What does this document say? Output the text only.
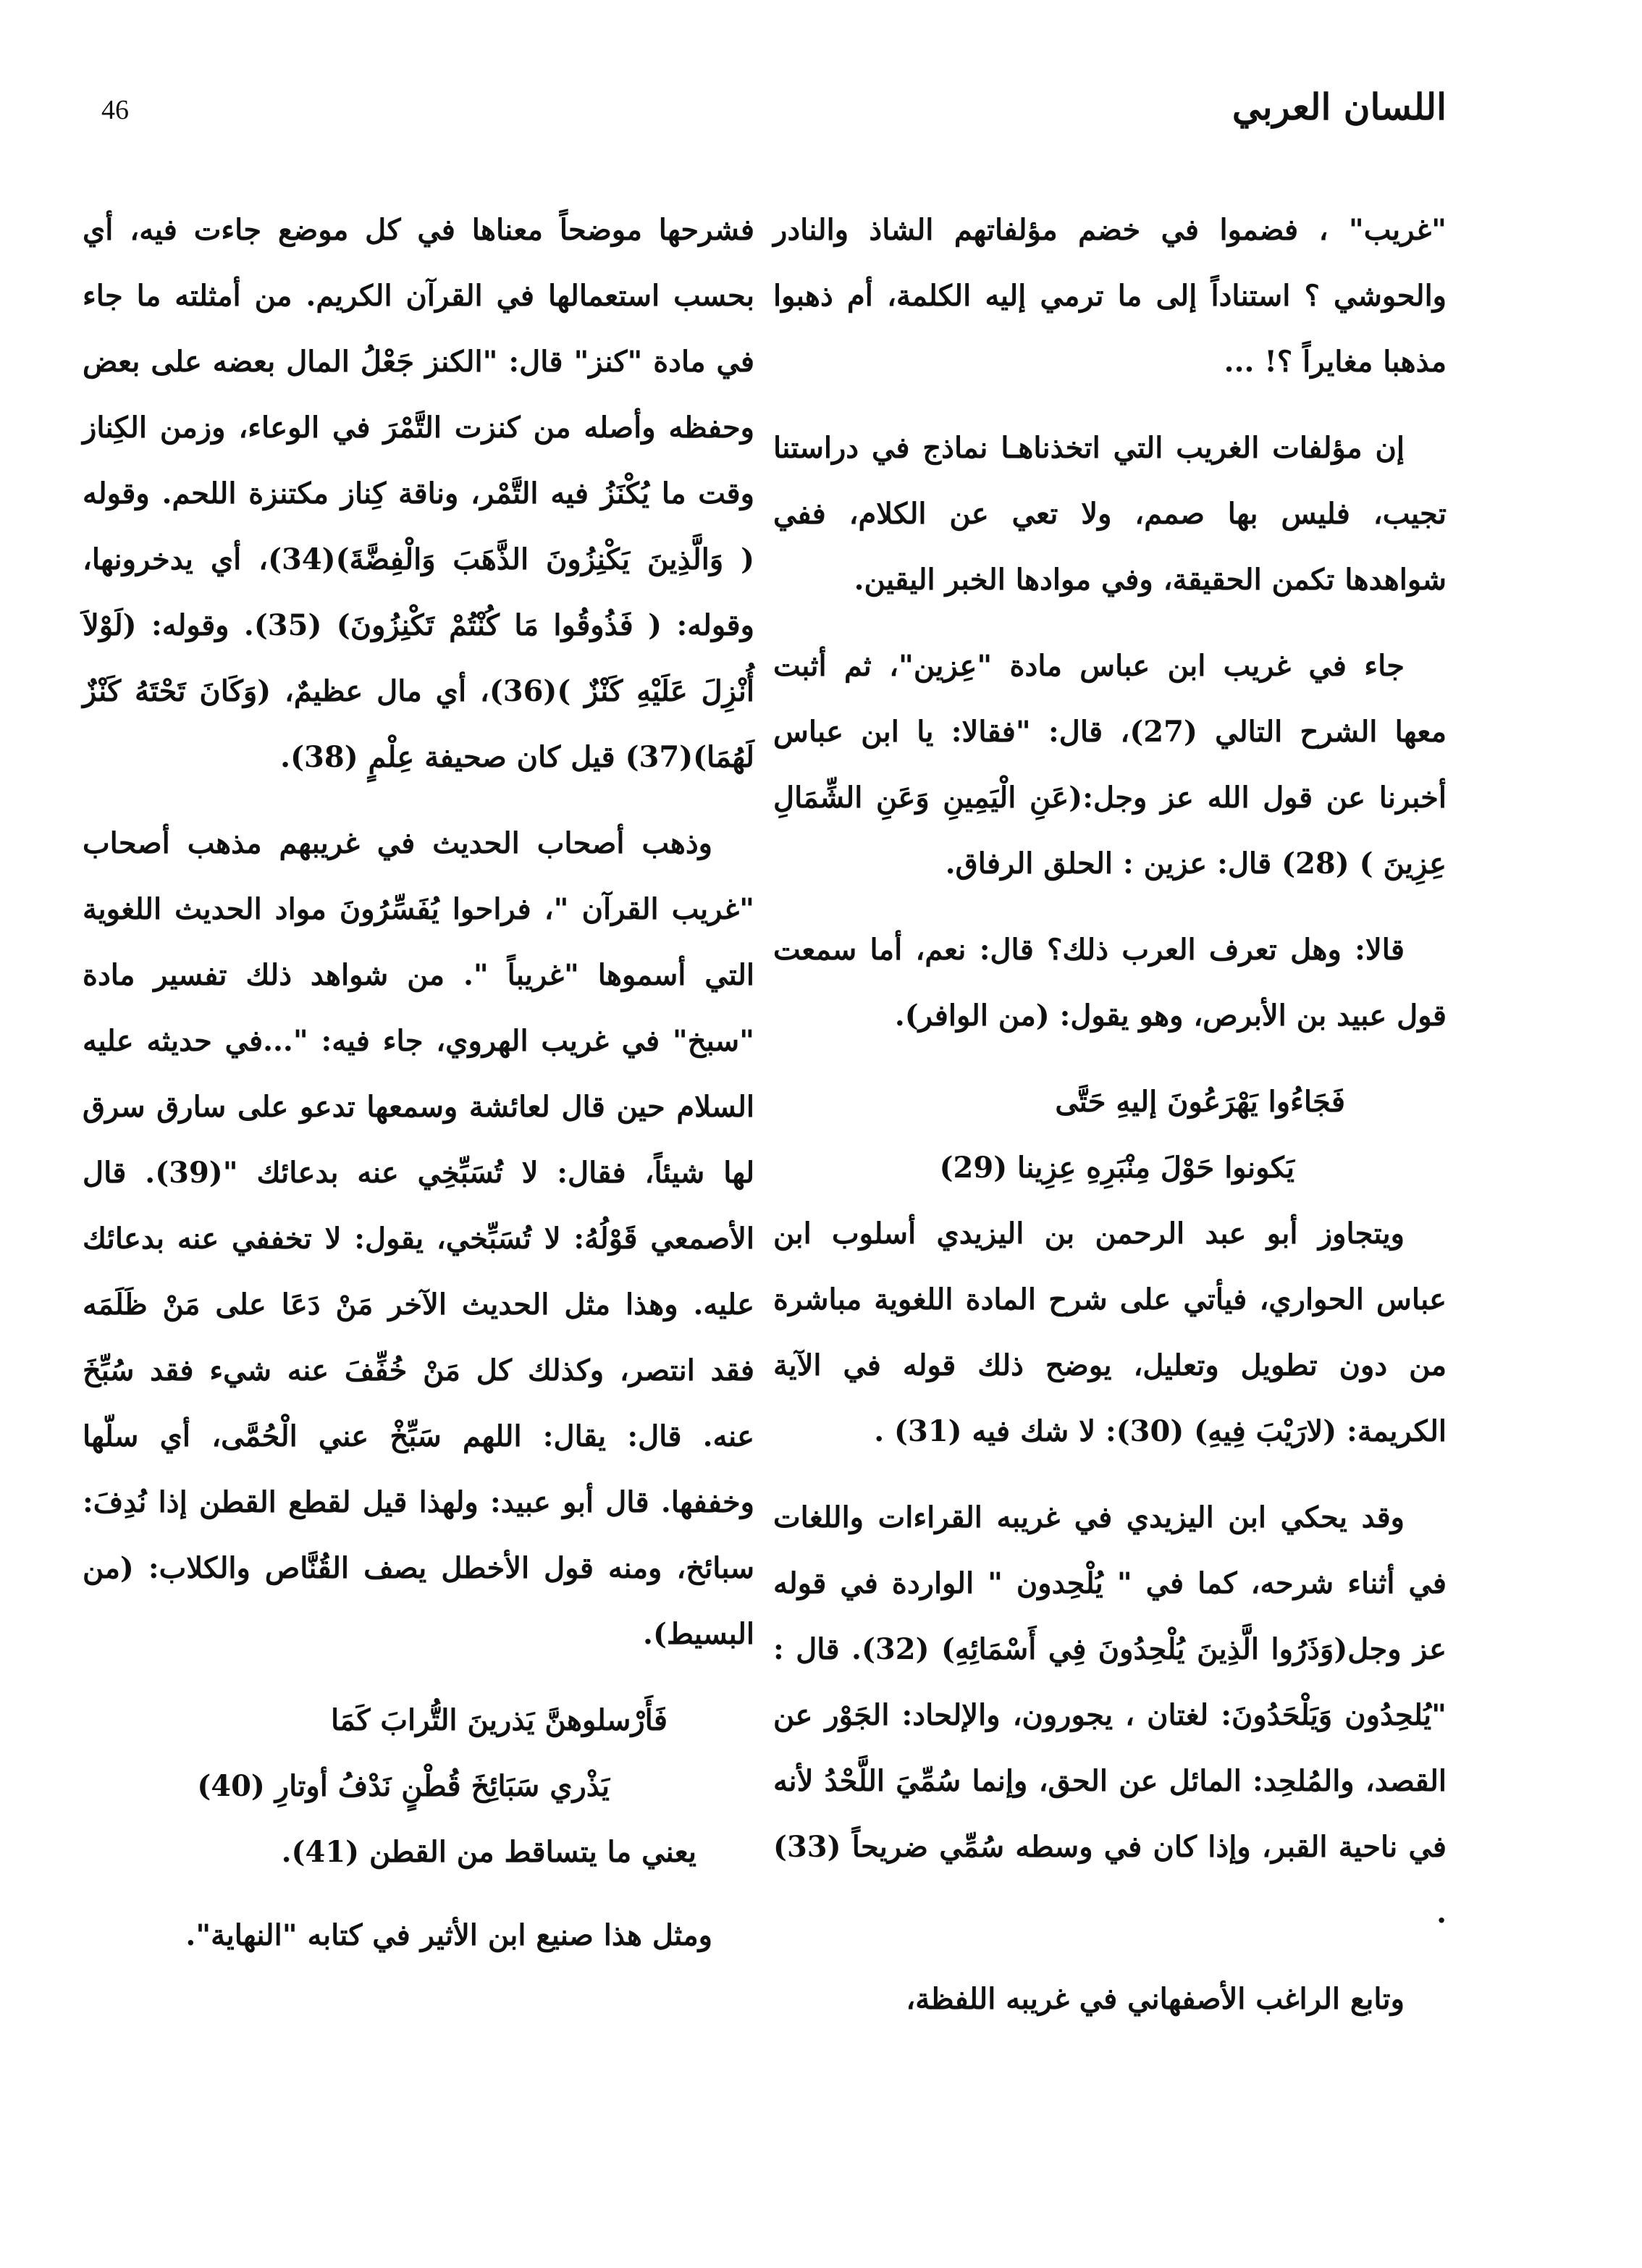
46	اللسان العربي

"غريب" ، فضموا في خضم مؤلفاتهم الشاذ والنادر والحوشي ؟ استناداً إلى ما ترمي إليه الكلمة، أم ذهبوا مذهبا مغايراً ؟! ...

إن مؤلفات الغريب التي اتخذناهـا نماذج في دراستنا تجيب، فليس بها صمم، ولا تعي عن الكلام، ففي شواهدها تكمن الحقيقة، وفي موادها الخبر اليقين.

جاء في غريب ابن عباس مادة "عِزين"، ثم أثبت معها الشرح التالي (27)، قال: "فقالا: يا ابن عباس أخبرنا عن قول الله عز وجل:(عَنِ الْيَمِينِ وَعَنِ الشِّمَالِ عِزِينَ ) (28) قال: عزين : الحلق الرفاق.

قالا: وهل تعرف العرب ذلك؟ قال: نعم، أما سمعت قول عبيد بن الأبرص، وهو يقول: (من الوافر).

فَجَاءُوا يَهْرَعُونَ إليهِ حَتَّى

يَكونوا حَوْلَ مِنْبَرِهِ عِزِينا (29)

ويتجاوز أبو عبد الرحمن بن اليزيدي أسلوب ابن عباس الحواري، فيأتي على شرح المادة اللغوية مباشرة من دون تطويل وتعليل، يوضح ذلك قوله في الآية الكريمة: (لارَيْبَ فِيهِ) (30): لا شك فيه (31) .

وقد يحكي ابن اليزيدي في غريبه القراءات واللغات في أثناء شرحه، كما في " يُلْحِدون " الواردة في قوله عز وجل(وَذَرُوا الَّذِينَ يُلْحِدُونَ فِي أَسْمَائِهِ) (32). قال : "يُلحِدُون وَيَلْحَدُونَ: لغتان ، يجورون، والإلحاد: الجَوْر عن القصد، والمُلحِد: المائل عن الحق، وإنما سُمِّيَ اللَّحْدُ لأنه في ناحية القبر، وإذا كان في وسطه سُمِّي ضريحاً (33) .

وتابع الراغب الأصفهاني في غريبه اللفظة،

فشرحها موضحاً معناها في كل موضع جاءت فيه، أي بحسب استعمالها في القرآن الكريم. من أمثلته ما جاء في مادة "كنز" قال: "الكنز جَعْلُ المال بعضه على بعض وحفظه وأصله من كنزت التَّمْرَ في الوعاء، وزمن الكِناز وقت ما يُكْنَزُ فيه التَّمْر، وناقة كِناز مكتنزة اللحم. وقوله ( وَالَّذِينَ يَكْنِزُونَ الذَّهَبَ وَالْفِضَّةَ)(34)، أي يدخرونها، وقوله: ( فَذُوقُوا مَا كُنْتُمْ تَكْنِزُونَ) (35). وقوله: (لَوْلاَ أُنْزِلَ عَلَيْهِ كَنْزٌ )(36)، أي مال عظيمٌ، (وَكَانَ تَحْتَهُ كَنْزٌ لَهُمَا)(37) قيل كان صحيفة عِلْمٍ (38).

وذهب أصحاب الحديث في غريبهم مذهب أصحاب "غريب القرآن "، فراحوا يُفَسِّرُونَ مواد الحديث اللغوية التي أسموها "غريباً ". من شواهد ذلك تفسير مادة "سبخ" في غريب الهروي، جاء فيه: "...في حديثه عليه السلام حين قال لعائشة وسمعها تدعو على سارق سرق لها شيئاً، فقال: لا تُسَبِّخِي عنه بدعائك "(39). قال الأصمعي قَوْلُهُ: لا تُسَبِّخي، يقول: لا تخففي عنه بدعائك عليه. وهذا مثل الحديث الآخر مَنْ دَعَا على مَنْ ظَلَمَه فقد انتصر، وكذلك كل مَنْ خُفِّفَ عنه شيء فقد سُبِّخَ عنه. قال: يقال: اللهم سَبِّخْ عني الْحُمَّى، أي سلّها وخففها. قال أبو عبيد: ولهذا قيل لقطع القطن إذا نُدِفَ: سبائخ، ومنه قول الأخطل يصف القُنَّاص والكلاب: (من البسيط).

فَأَرْسلوهنَّ يَذرينَ التُّرابَ كَمَا

يَذْري سَبَائِخَ قُطْنٍ نَدْفُ أوتارِ (40)

يعني ما يتساقط من القطن (41).

ومثل هذا صنيع ابن الأثير في كتابه "النهاية".
